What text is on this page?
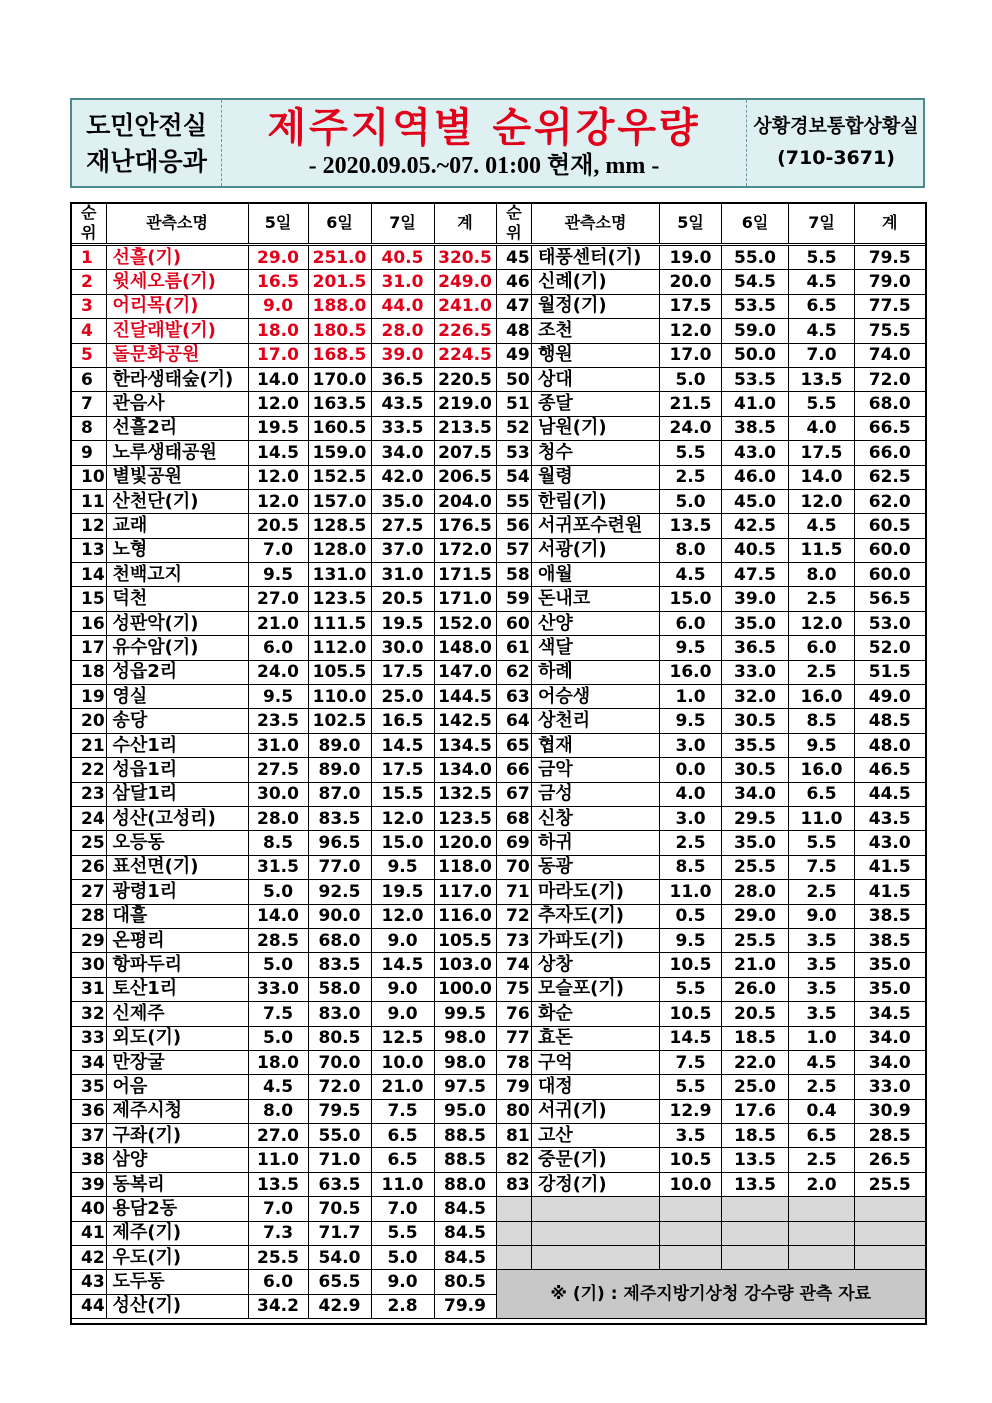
도민안전실
재난대응과
제주지역별 순위강우량
- 2020.09.05.~07. 01:00 현재, mm -
상황경보통합상황실
(710-3671)
순
위	관측소명	5일	6일	7일	계
1	선흘(기)	29.0	251.0	40.5	320.5
2	윗세오름(기)	16.5	201.5	31.0	249.0
3	어리목(기)	9.0	188.0	44.0	241.0
4	진달래밭(기)	18.0	180.5	28.0	226.5
5	돌문화공원	17.0	168.5	39.0	224.5
6	한라생태숲(기)	14.0	170.0	36.5	220.5
7	관음사	12.0	163.5	43.5	219.0
8	선흘2리	19.5	160.5	33.5	213.5
9	노루생태공원	14.5	159.0	34.0	207.5
10	별빛공원	12.0	152.5	42.0	206.5
11	산천단(기)	12.0	157.0	35.0	204.0
12	교래	20.5	128.5	27.5	176.5
13	노형	7.0	128.0	37.0	172.0
14	천백고지	9.5	131.0	31.0	171.5
15	덕천	27.0	123.5	20.5	171.0
16	성판악(기)	21.0	111.5	19.5	152.0
17	유수암(기)	6.0	112.0	30.0	148.0
18	성읍2리	24.0	105.5	17.5	147.0
19	영실	9.5	110.0	25.0	144.5
20	송당	23.5	102.5	16.5	142.5
21	수산1리	31.0	89.0	14.5	134.5
22	성읍1리	27.5	89.0	17.5	134.0
23	삼달1리	30.0	87.0	15.5	132.5
24	성산(고성리)	28.0	83.5	12.0	123.5
25	오등동	8.5	96.5	15.0	120.0
26	표선면(기)	31.5	77.0	9.5	118.0
27	광령1리	5.0	92.5	19.5	117.0
28	대흘	14.0	90.0	12.0	116.0
29	온평리	28.5	68.0	9.0	105.5
30	항파두리	5.0	83.5	14.5	103.0
31	토산1리	33.0	58.0	9.0	100.0
32	신제주	7.5	83.0	9.0	99.5
33	외도(기)	5.0	80.5	12.5	98.0
34	만장굴	18.0	70.0	10.0	98.0
35	어음	4.5	72.0	21.0	97.5
36	제주시청	8.0	79.5	7.5	95.0
37	구좌(기)	27.0	55.0	6.5	88.5
38	삼양	11.0	71.0	6.5	88.5
39	동복리	13.5	63.5	11.0	88.0
40	용담2동	7.0	70.5	7.0	84.5
41	제주(기)	7.3	71.7	5.5	84.5
42	우도(기)	25.5	54.0	5.0	84.5
43	도두동	6.0	65.5	9.0	80.5
44	성산(기)	34.2	42.9	2.8	79.9
순
위	관측소명	5일	6일	7일	계
45	태풍센터(기)	19.0	55.0	5.5	79.5
46	신례(기)	20.0	54.5	4.5	79.0
47	월정(기)	17.5	53.5	6.5	77.5
48	조천	12.0	59.0	4.5	75.5
49	행원	17.0	50.0	7.0	74.0
50	상대	5.0	53.5	13.5	72.0
51	종달	21.5	41.0	5.5	68.0
52	남원(기)	24.0	38.5	4.0	66.5
53	청수	5.5	43.0	17.5	66.0
54	월령	2.5	46.0	14.0	62.5
55	한림(기)	5.0	45.0	12.0	62.0
56	서귀포수련원	13.5	42.5	4.5	60.5
57	서광(기)	8.0	40.5	11.5	60.0
58	애월	4.5	47.5	8.0	60.0
59	돈내코	15.0	39.0	2.5	56.5
60	산양	6.0	35.0	12.0	53.0
61	색달	9.5	36.5	6.0	52.0
62	하례	16.0	33.0	2.5	51.5
63	어승생	1.0	32.0	16.0	49.0
64	상천리	9.5	30.5	8.5	48.5
65	협재	3.0	35.5	9.5	48.0
66	금악	0.0	30.5	16.0	46.5
67	금성	4.0	34.0	6.5	44.5
68	신창	3.0	29.5	11.0	43.5
69	하귀	2.5	35.0	5.5	43.0
70	동광	8.5	25.5	7.5	41.5
71	마라도(기)	11.0	28.0	2.5	41.5
72	추자도(기)	0.5	29.0	9.0	38.5
73	가파도(기)	9.5	25.5	3.5	38.5
74	상창	10.5	21.0	3.5	35.0
75	모슬포(기)	5.5	26.0	3.5	35.0
76	화순	10.5	20.5	3.5	34.5
77	효돈	14.5	18.5	1.0	34.0
78	구억	7.5	22.0	4.5	34.0
79	대정	5.5	25.0	2.5	33.0
80	서귀(기)	12.9	17.6	0.4	30.9
81	고산	3.5	18.5	6.5	28.5
82	중문(기)	10.5	13.5	2.5	26.5
83	강정(기)	10.0	13.5	2.0	25.5

※ (기) : 제주지방기상청 강수량 관측 자료					
